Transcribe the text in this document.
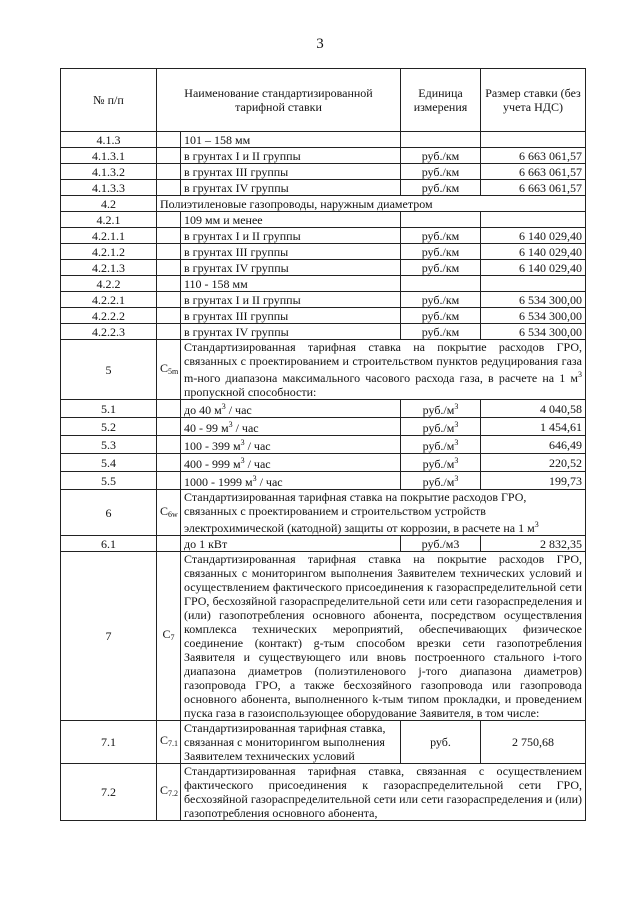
3
№ п/п	Наименование стандартизированной тарифной ставки		Единица измерения	Размер ставки (без учета НДС)
4.1.3		101 – 158 мм		
4.1.3.1		в грунтах I и II группы	руб./км	6 663 061,57
4.1.3.2		в грунтах III группы	руб./км	6 663 061,57
4.1.3.3		в грунтах IV группы	руб./км	6 663 061,57
4.2	Полиэтиленовые газопроводы, наружным диаметром			
4.2.1		109 мм и менее		
4.2.1.1		в грунтах I и II группы	руб./км	6 140 029,40
4.2.1.2		в грунтах III группы	руб./км	6 140 029,40
4.2.1.3		в грунтах IV группы	руб./км	6 140 029,40
4.2.2		110 - 158 мм		
4.2.2.1		в грунтах I и II группы	руб./км	6 534 300,00
4.2.2.2		в грунтах III группы	руб./км	6 534 300,00
4.2.2.3		в грунтах IV группы	руб./км	6 534 300,00
5	$C_{5m}$	Стандартизированная тарифная ставка на покрытие расходов ГРО, связанных с проектированием и строительством пунктов редуцирования газа m-ного диапазона максимального часового расхода газа, в расчете на 1 $м^3$ пропускной способности:		
5.1		до 40 $м^3$ / час	$руб./м^3$	4 040,58
5.2		40 - 99 $м^3$ / час	$руб./м^3$	1 454,61
5.3		100 - 399 $м^3$ / час	$руб./м^3$	646,49
5.4		400 - 999 $м^3$ / час	$руб./м^3$	220,52
5.5		1000 - 1999 $м^3$ / час	$руб./м^3$	199,73
6	$C_{6w}$	Стандартизированная тарифная ставка на покрытие расходов ГРО, связанных с проектированием и строительством устройств электрохимической (катодной) защиты от коррозии, в расчете на 1 $м^3$
6.1		до 1 кВт	руб./м3	2 832,35
7	$C_7$	Стандартизированная тарифная ставка на покрытие расходов ГРО, связанных с мониторингом выполнения Заявителем технических условий и осуществлением фактического присоединения к газораспределительной сети ГРО, бесхозяйной газораспределительной сети или сети газораспределения и (или) газопотребления основного абонента, посредством осуществления комплекса технических мероприятий, обеспечивающих физическое соединение (контакт) g-тым способом врезки сети газопотребления Заявителя и существующего или вновь построенного стального i-того диапазона диаметров (полиэтиленового j-того диапазона диаметров) газопровода ГРО, а также бесхозяйного газопровода или газопровода основного абонента, выполненного k-тым типом прокладки, и проведением пуска газа в газоиспользующее оборудование Заявителя, в том числе:		
7.1	$C_{7.1}$	Стандартизированная тарифная ставка, связанная с мониторингом выполнения Заявителем технических условий	руб.	2 750,68
7.2	$C_{7.2}$	Стандартизированная тарифная ставка, связанная с осуществлением фактического присоединения к газораспределительной сети ГРО, бесхозяйной газораспределительной сети или сети газораспределения и (или) газопотребления основного абонента,		
